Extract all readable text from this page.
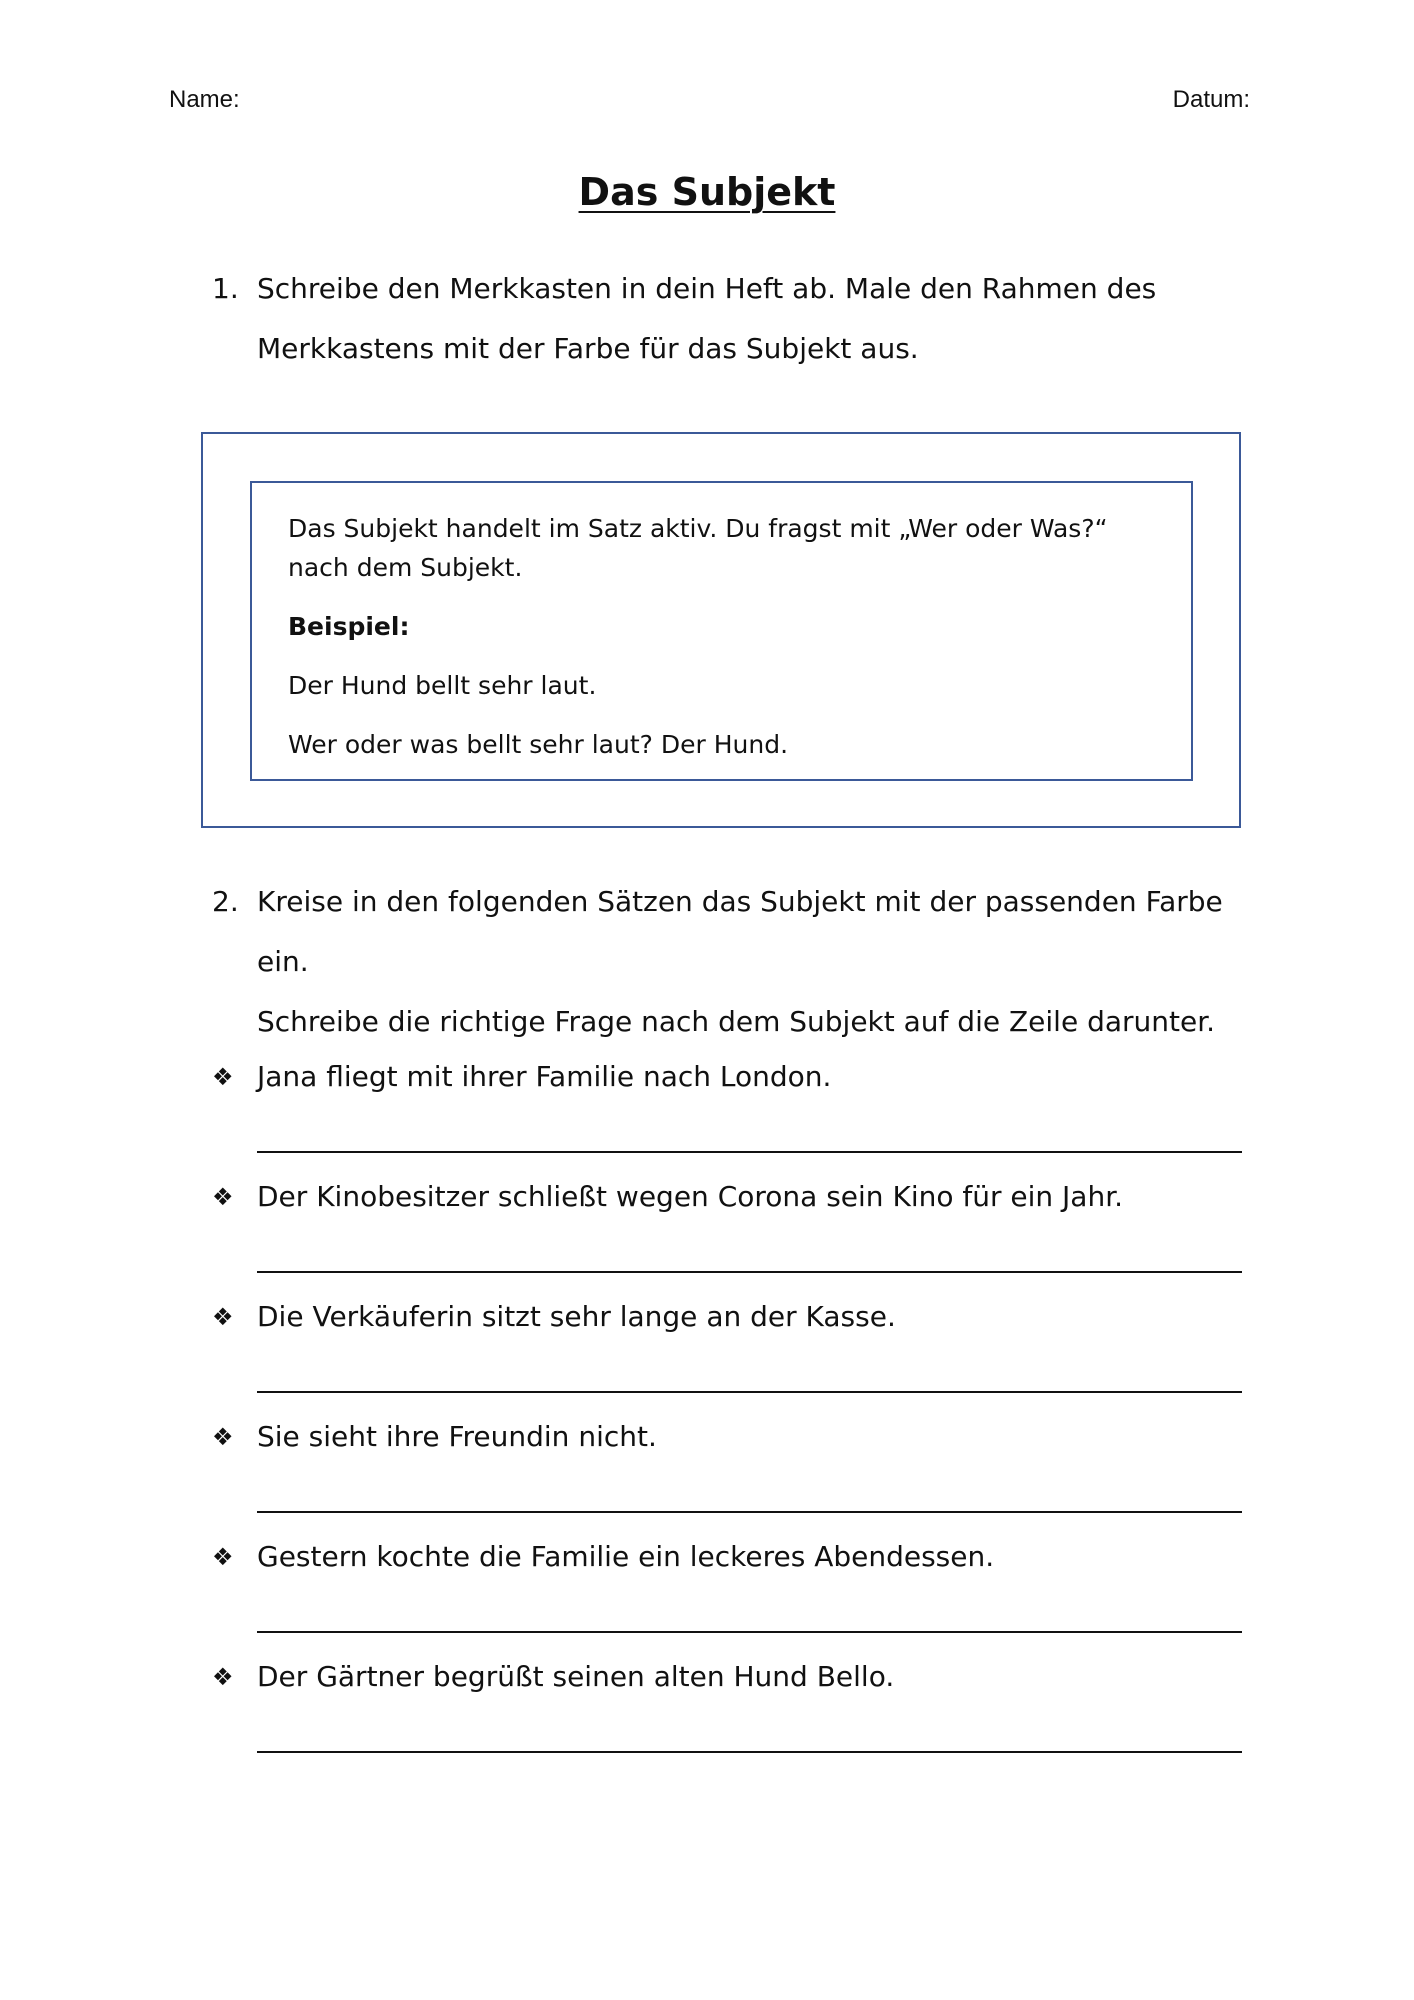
Name:	Datum:
Das Subjekt
1. Schreibe den Merkkasten in dein Heft ab. Male den Rahmen des
Merkkastens mit der Farbe für das Subjekt aus.

Das Subjekt handelt im Satz aktiv. Du fragst mit „Wer oder Was?“
nach dem Subjekt.

Beispiel:

Der Hund bellt sehr laut.

Wer oder was bellt sehr laut? Der Hund.

2. Kreise in den folgenden Sätzen das Subjekt mit der passenden Farbe ein.
Schreibe die richtige Frage nach dem Subjekt auf die Zeile darunter.
❖ Jana fliegt mit ihrer Familie nach London.
❖ Der Kinobesitzer schließt wegen Corona sein Kino für ein Jahr.
❖ Die Verkäuferin sitzt sehr lange an der Kasse.
❖ Sie sieht ihre Freundin nicht.
❖ Gestern kochte die Familie ein leckeres Abendessen.
❖ Der Gärtner begrüßt seinen alten Hund Bello.
